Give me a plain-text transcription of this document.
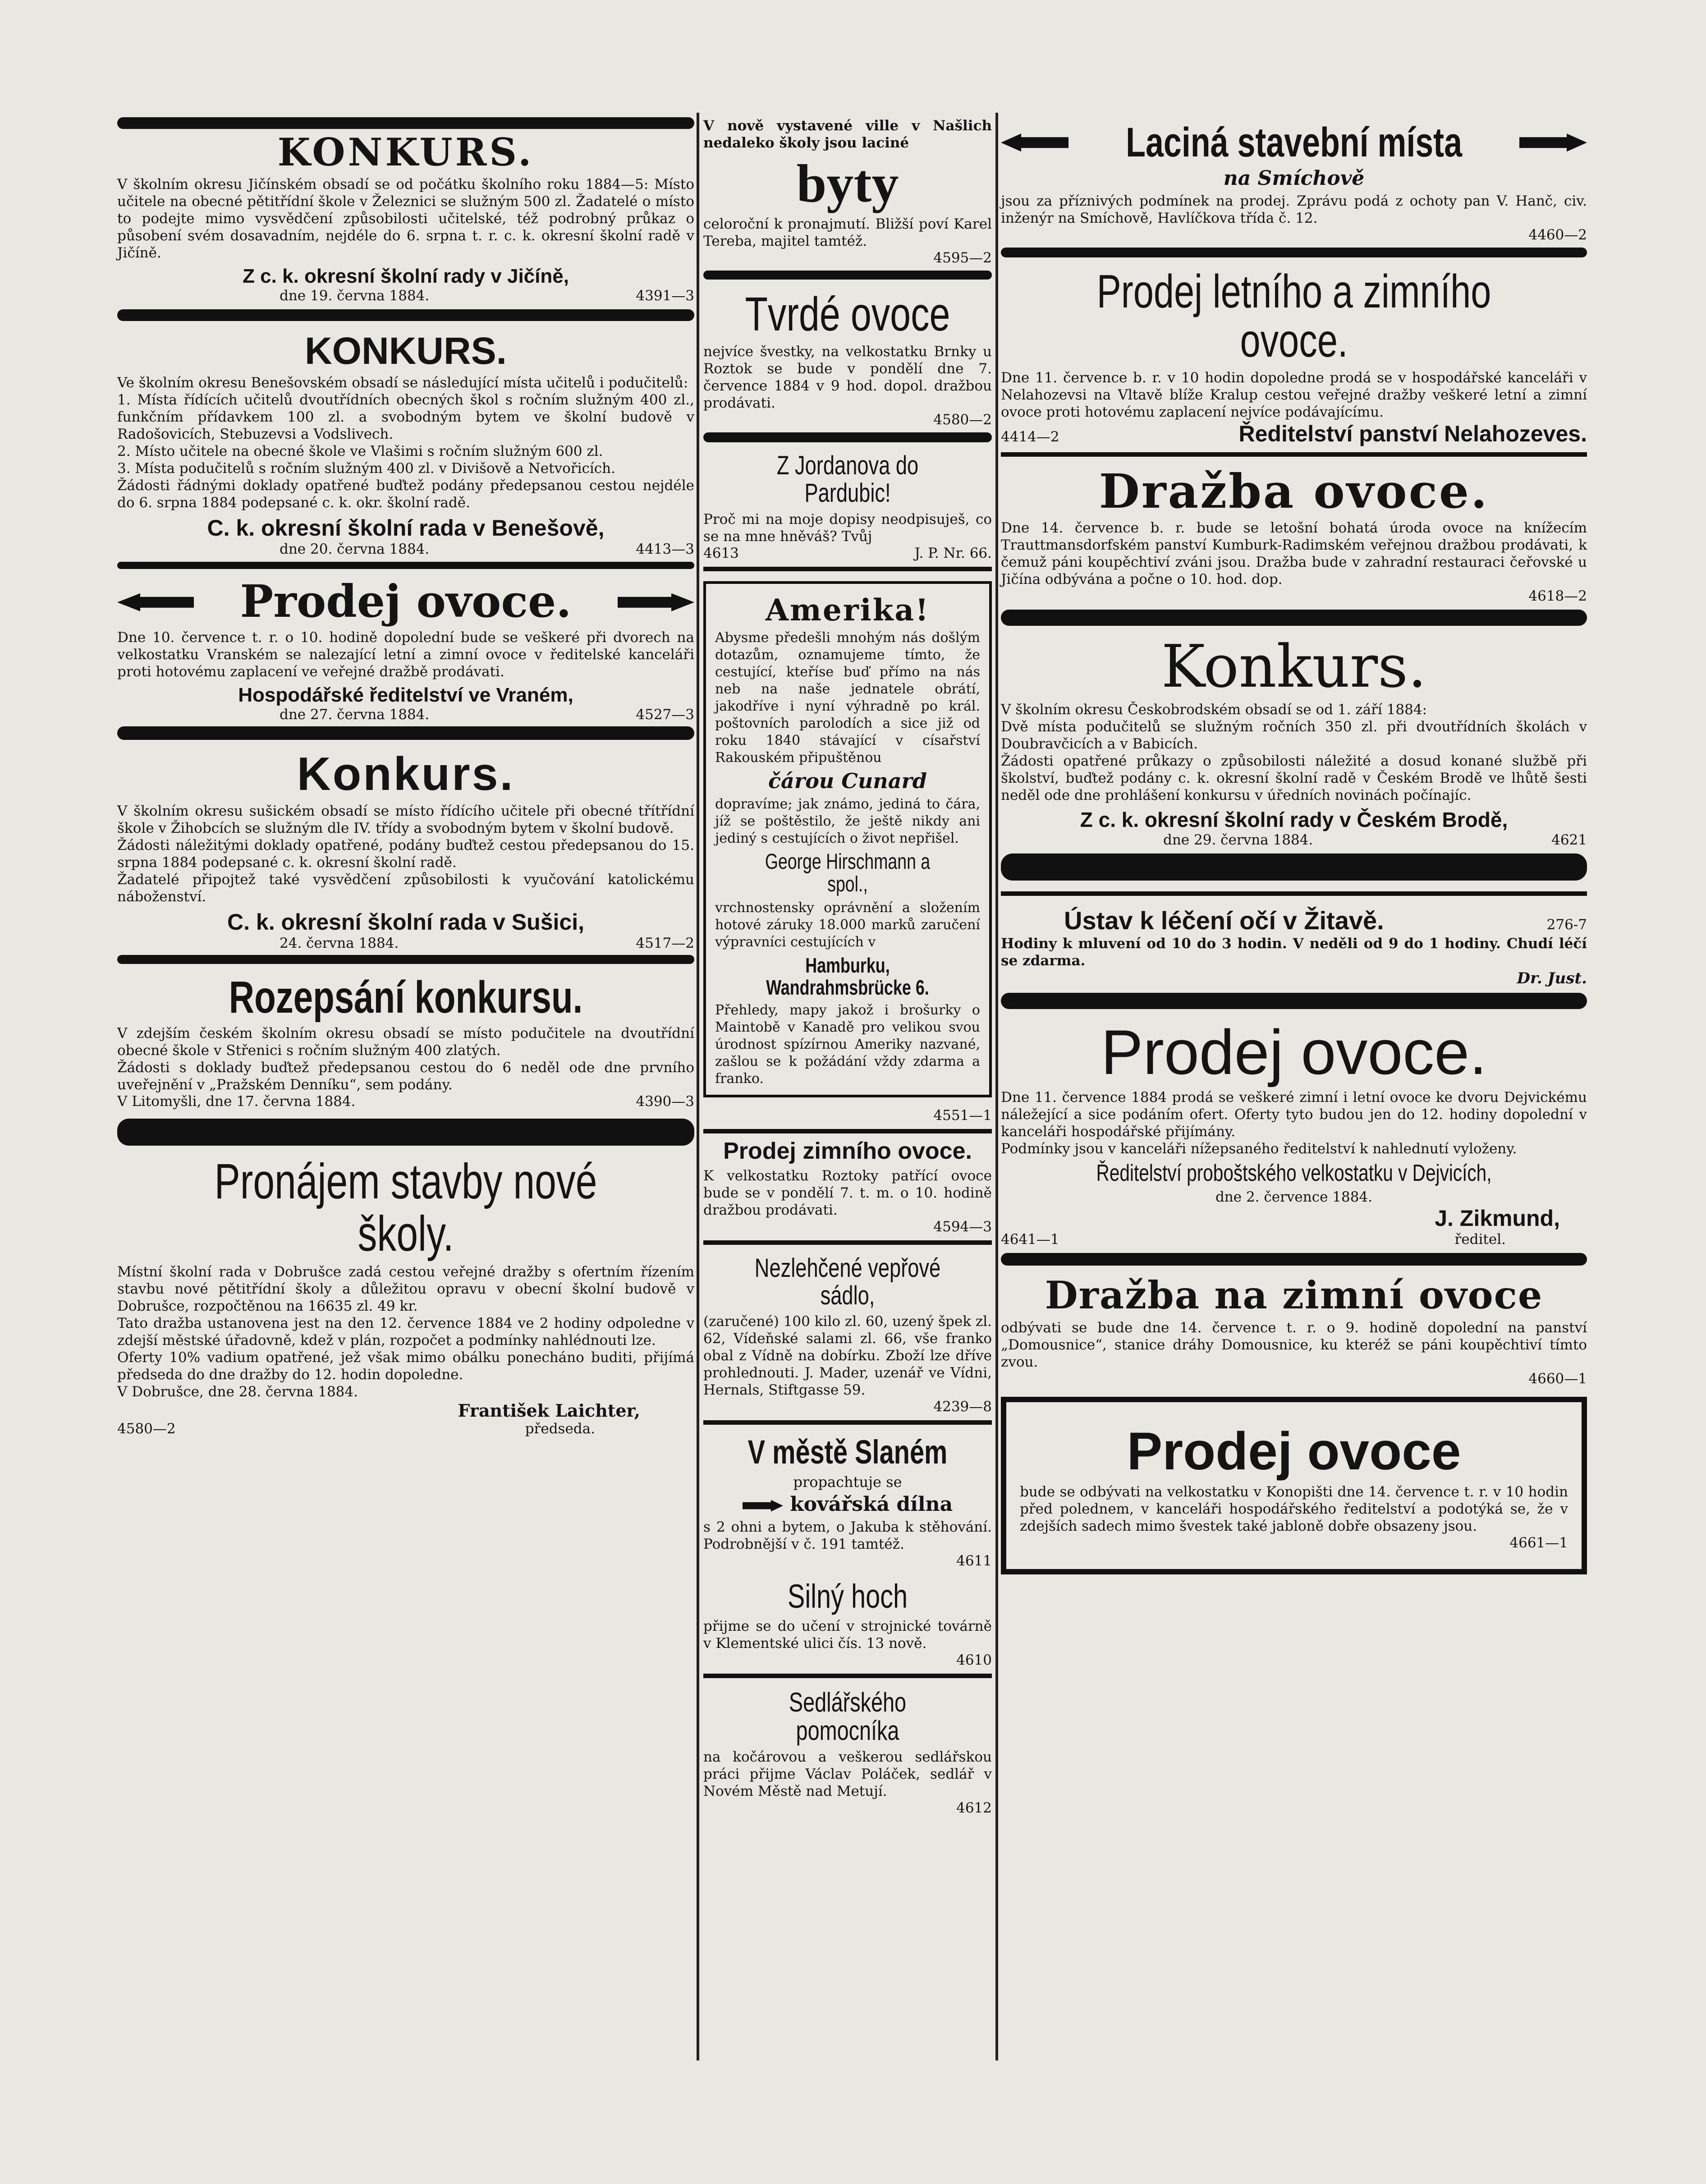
KONKURS.

V školním okresu Jičínském obsadí se od počátku školního roku 1884—5: Místo učitele na obecné pětitřídní škole v Železnici se služným 500 zl. Žadatelé o místo to podejte mimo vysvědčení způsobilosti učitelské, též podrobný průkaz o působení svém dosavadním, nejdéle do 6. srpna t. r. c. k. okresní školní radě v Jičíně.

Z c. k. okresní školní rady v Jičíně,
dne 19. června 1884.	4391—3
KONKURS.

Ve školním okresu Benešovském obsadí se následující místa učitelů i podučitelů:

1. Místa řídících učitelů dvoutřídních obecných škol s ročním služným 400 zl., funkčním přídavkem 100 zl. a svobodným bytem ve školní budově v Radošovicích, Stebuzevsi a Vodslivech.

2. Místo učitele na obecné škole ve Vlašimi s ročním služným 600 zl.

3. Místa podučitelů s ročním služným 400 zl. v Divišově a Netvořicích.

Žádosti řádnými doklady opatřené buďtež podány předepsanou cestou nejdéle do 6. srpna 1884 podepsané c. k. okr. školní radě.

C. k. okresní školní rada v Benešově,
dne 20. června 1884.	4413—3
Prodej ovoce.

Dne 10. července t. r. o 10. hodině dopolední bude se veškeré při dvorech na velkostatku Vranském se nalezající letní a zimní ovoce v ředitelské kanceláři proti hotovému zaplacení ve veřejné dražbě prodávati.

Hospodářské ředitelství ve Vraném,
dne 27. června 1884.	4527—3
Konkurs.

V školním okresu sušickém obsadí se místo řídícího učitele při obecné třítřídní škole v Žihobcích se služným dle IV. třídy a svobodným bytem v školní budově.

Žádosti náležitými doklady opatřené, podány buďtež cestou předepsanou do 15. srpna 1884 podepsané c. k. okresní školní radě.

Žadatelé připojtež také vysvědčení způsobilosti k vyučování katolickému náboženství.

C. k. okresní školní rada v Sušici,
24. června 1884.	4517—2
Rozepsání konkursu.

V zdejším českém školním okresu obsadí se místo podučitele na dvoutřídní obecné škole v Střenici s ročním služným 400 zlatých.

Žádosti s doklady buďtež předepsanou cestou do 6 neděl ode dne prvního uveřejnění v „Pražském Denníku“, sem podány.

V Litomyšli, dne 17. června 1884.	4390—3
Pronájem stavby nové školy.

Místní školní rada v Dobrušce zadá cestou veřejné dražby s ofertním řízením stavbu nové pětitřídní školy a důležitou opravu v obecní školní budově v Dobrušce, rozpočtěnou na 16635 zl. 49 kr.

Tato dražba ustanovena jest na den 12. července 1884 ve 2 hodiny odpoledne v zdejší městské úřadovně, kdež v plán, rozpočet a podmínky nahlédnouti lze.

Oferty 10% vadium opatřené, jež však mimo obálku ponecháno buditi, přijímá předseda do dne dražby do 12. hodin dopoledne.

V Dobrušce, dne 28. června 1884.

František Laichter,
4580—2	předseda.

V nově vystavené ville v Našlich nedaleko školy jsou laciné

byty

celoroční k pronajmutí. Bližší poví Karel Tereba, majitel tamtéž.

4595—2
Tvrdé ovoce

nejvíce švestky, na velkostatku Brnky u Roztok se bude v pondělí dne 7. července 1884 v 9 hod. dopol. dražbou prodávati.

4580—2
Z Jordanova do Pardubic!

Proč mi na moje dopisy neodpisuješ, co se na mne hněváš? Tvůj

4613	J. P. Nr. 66.
Amerika!

Abysme předešli mnohým nás došlým dotazům, oznamujeme tímto, že cestující, kteříse buď přímo na nás neb na naše jednatele obrátí, jakodříve i nyní výhradně po král. poštovních parolodích a sice již od roku 1840 stávající v císařství Rakouském připuštěnou

čárou Cunard

dopravíme; jak známo, jediná to čára, jíž se poštěstilo, že ještě nikdy ani jediný s cestujících o život nepřišel.

George Hirschmann a spol.,

vrchnostensky oprávnění a složením hotové záruky 18.000 marků zaručení výpravníci cestujících v

Hamburku, Wandrahmsbrücke 6.

Přehledy, mapy jakož i brošurky o Maintobě v Kanadě pro velikou svou úrodnost spízírnou Ameriky nazvané, zašlou se k požádání vždy zdarma a franko.

4551—1
Prodej zimního ovoce.

K velkostatku Roztoky patřící ovoce bude se v pondělí 7. t. m. o 10. hodině dražbou prodávati.

4594—3
Nezlehčené vepřové sádlo,

(zaručené) 100 kilo zl. 60, uzený špek zl. 62, Vídeňské salami zl. 66, vše franko obal z Vídně na dobírku. Zboží lze dříve prohlednouti. J. Mader, uzenář ve Vídni, Hernals, Stiftgasse 59.

4239—8
V městě Slaném
propachtuje se
kovářská dílna

s 2 ohni a bytem, o Jakuba k stěhování. Podrobnější v č. 191 tamtéž.

4611
Silný hoch

přijme se do učení v strojnické továrně v Klementské ulici čís. 13 nově.

4610
Sedlářského pomocníka

na kočárovou a veškerou sedlářskou práci přijme Václav Poláček, sedlář v Novém Městě nad Metují.

4612
Laciná stavební místa
na Smíchově

jsou za příznivých podmínek na prodej. Zprávu podá z ochoty pan V. Hanč, civ. inženýr na Smíchově, Havlíčkova třída č. 12.

4460—2
Prodej letního a zimního ovoce.

Dne 11. července b. r. v 10 hodin dopoledne prodá se v hospodářské kanceláři v Nelahozevsi na Vltavě blíže Kralup cestou veřejné dražby veškeré letní a zimní ovoce proti hotovému zaplacení nejvíce podávajícímu.

4414—2	Ředitelství panství Nelahozeves.
Dražba ovoce.

Dne 14. července b. r. bude se letošní bohatá úroda ovoce na knížecím Trauttmansdorfském panství Kumburk-Radimském veřejnou dražbou prodávati, k čemuž páni koupěchtiví zváni jsou. Dražba bude v zahradní restauraci čeřovské u Jičína odbývána a počne o 10. hod. dop.

4618—2
Konkurs.

V školním okresu Českobrodském obsadí se od 1. září 1884:

Dvě místa podučitelů se služným ročních 350 zl. při dvoutřídních školách v Doubravčicích a v Babicích.

Žádosti opatřené průkazy o způsobilosti náležité a dosud konané službě při školství, buďtež podány c. k. okresní školní radě v Českém Brodě ve lhůtě šesti neděl ode dne prohlášení konkursu v úředních novinách počínajíc.

Z c. k. okresní školní rady v Českém Brodě,
dne 29. června 1884.	4621
Ústav k léčení očí v Žitavě.	276-7

Hodiny k mluvení od 10 do 3 hodin. V neděli od 9 do 1 hodiny. Chudí léčí se zdarma.

Dr. Just.
Prodej ovoce.

Dne 11. července 1884 prodá se veškeré zimní i letní ovoce ke dvoru Dejvickému náležející a sice podáním ofert. Oferty tyto budou jen do 12. hodiny dopolední v kanceláři hospodářské přijímány.

Podmínky jsou v kanceláři nížepsaného ředitelství k nahlednutí vyloženy.

Ředitelství proboštského velkostatku v Dejvicích,
dne 2. července 1884.
J. Zikmund,
4641—1	ředitel.
Dražba na zimní ovoce

odbývati se bude dne 14. července t. r. o 9. hodině dopolední na panství „Domousnice“, stanice dráhy Domousnice, ku kteréž se páni koupěchtiví tímto zvou.

4660—1
Prodej ovoce

bude se odbývati na velkostatku v Konopišti dne 14. července t. r. v 10 hodin před polednem, v kanceláři hospodářského ředitelství a podotýká se, že v zdejších sadech mimo švestek také jabloně dobře obsazeny jsou.

4661—1
